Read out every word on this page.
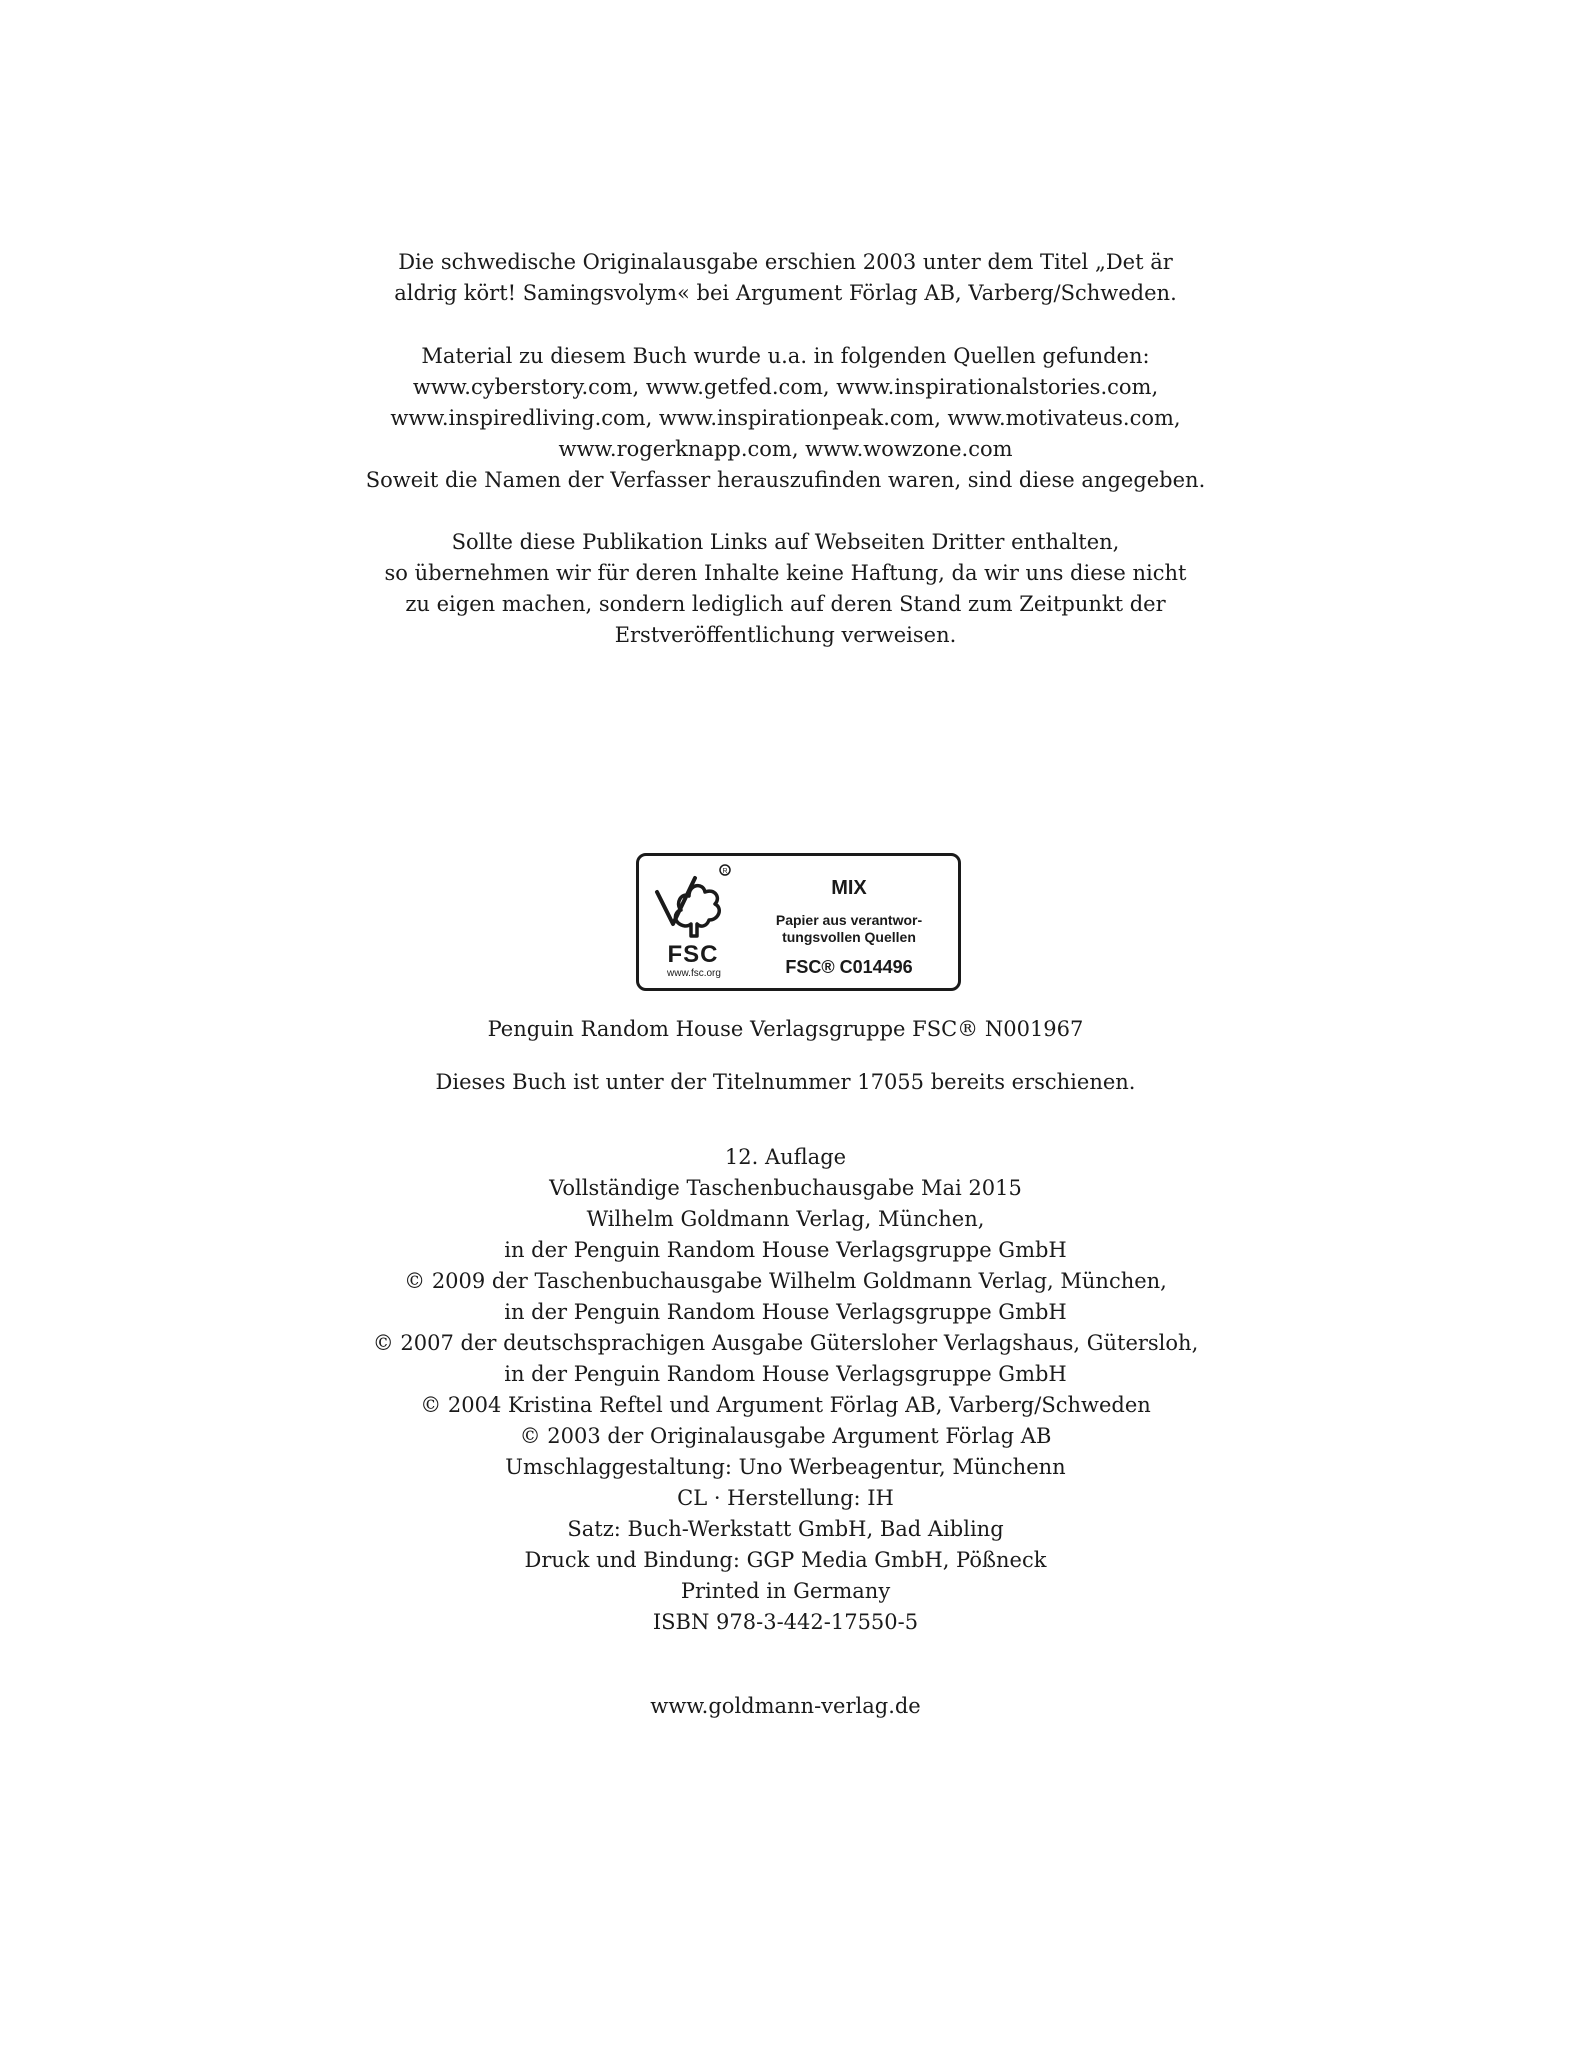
Die schwedische Originalausgabe erschien 2003 unter dem Titel „Det är
aldrig kört! Samingsvolym« bei Argument Förlag AB, Varberg/Schweden.
Material zu diesem Buch wurde u.a. in folgenden Quellen gefunden:
www.cyberstory.com, www.getfed.com, www.inspirationalstories.com,
www.inspiredliving.com, www.inspirationpeak.com, www.motivateus.com,
www.rogerknapp.com, www.wowzone.com
Soweit die Namen der Verfasser herauszufinden waren, sind diese angegeben.
Sollte diese Publikation Links auf Webseiten Dritter enthalten,
so übernehmen wir für deren Inhalte keine Haftung, da wir uns diese nicht
zu eigen machen, sondern lediglich auf deren Stand zum Zeitpunkt der
Erstveröffentlichung verweisen.
R
FSC
www.fsc.org
MIX
Papier aus verantwor-
tungsvollen Quellen
FSC® C014496
Penguin Random House Verlagsgruppe FSC® N001967
Dieses Buch ist unter der Titelnummer 17055 bereits erschienen.
12. Auflage
Vollständige Taschenbuchausgabe Mai 2015
Wilhelm Goldmann Verlag, München,
in der Penguin Random House Verlagsgruppe GmbH
© 2009 der Taschenbuchausgabe Wilhelm Goldmann Verlag, München,
in der Penguin Random House Verlagsgruppe GmbH
© 2007 der deutschsprachigen Ausgabe Gütersloher Verlagshaus, Gütersloh,
in der Penguin Random House Verlagsgruppe GmbH
© 2004 Kristina Reftel und Argument Förlag AB, Varberg/Schweden
© 2003 der Originalausgabe Argument Förlag AB
Umschlaggestaltung: Uno Werbeagentur, Münchenn
CL · Herstellung: IH
Satz: Buch-Werkstatt GmbH, Bad Aibling
Druck und Bindung: GGP Media GmbH, Pößneck
Printed in Germany
ISBN 978-3-442-17550-5
www.goldmann-verlag.de
